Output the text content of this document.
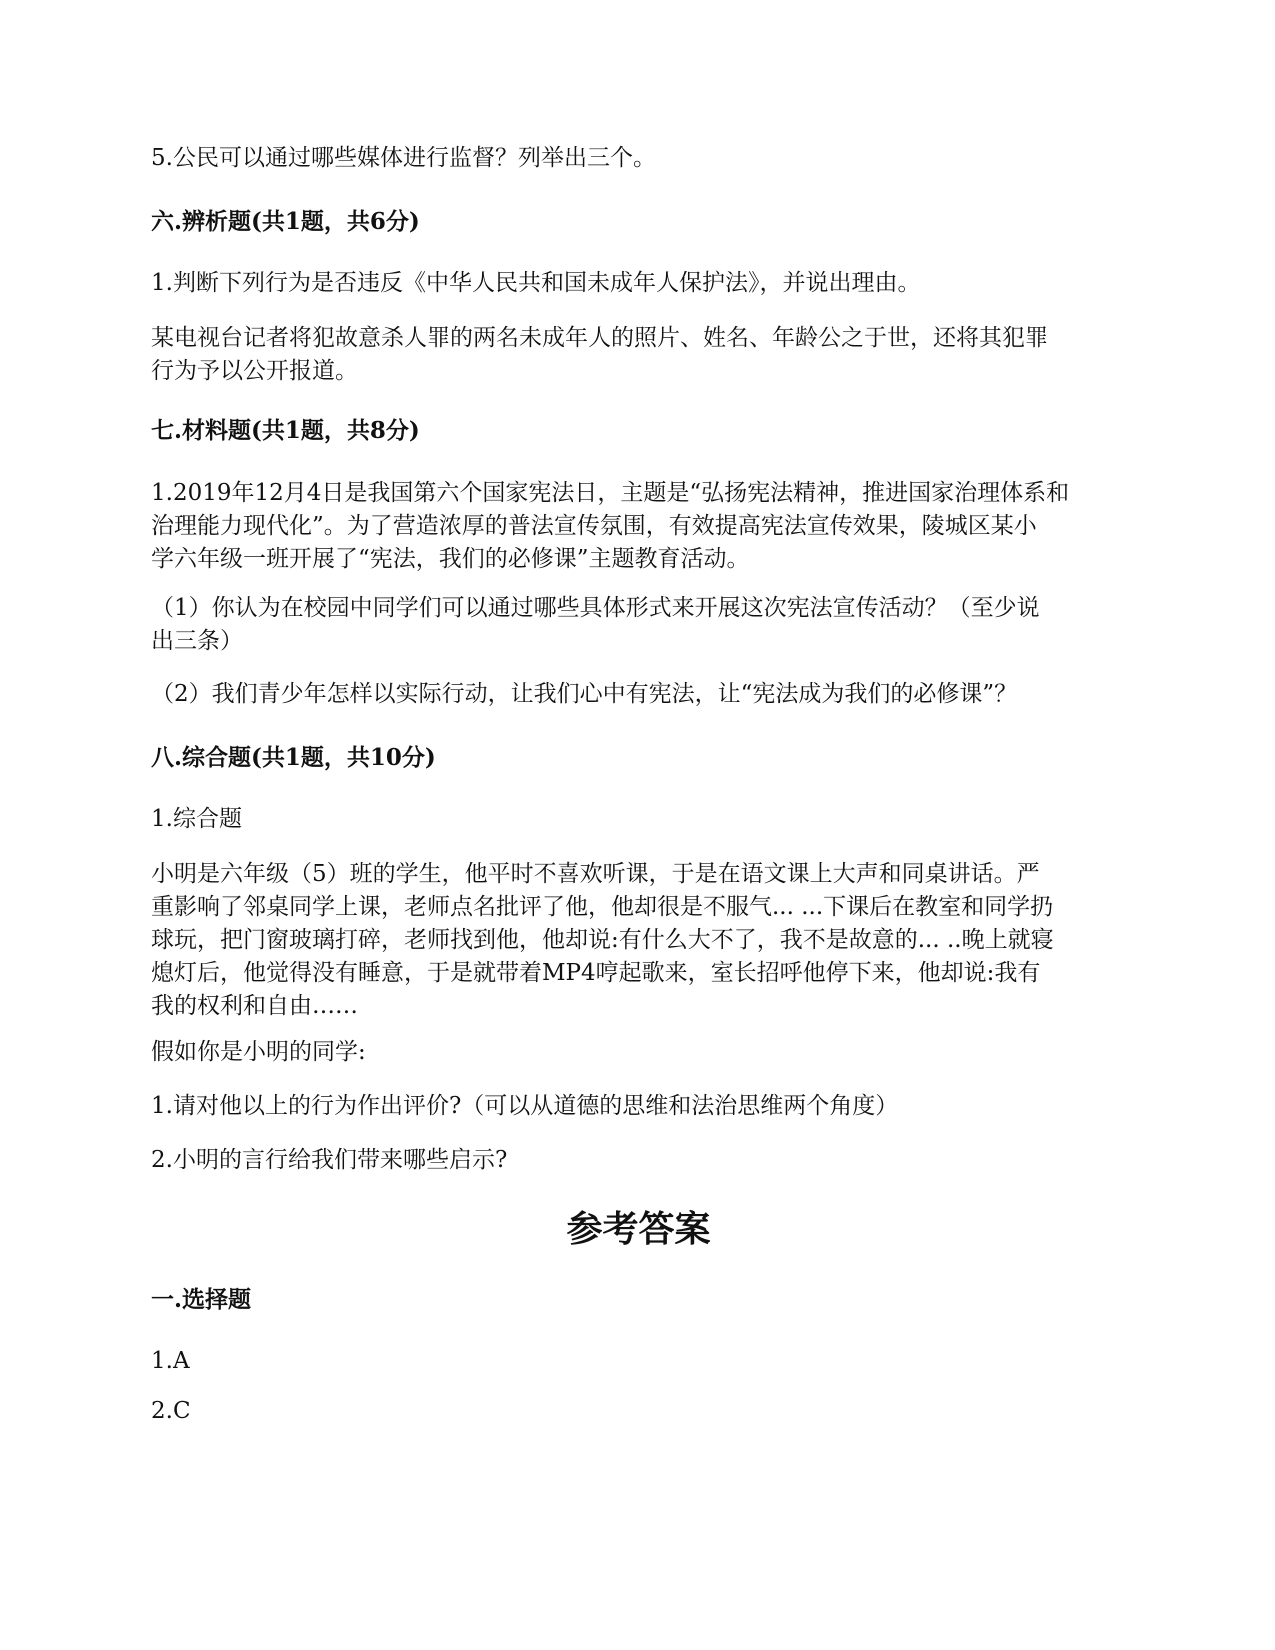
5.公民可以通过哪些媒体进行监督？列举出三个。
六.辨析题(共1题，共6分)
1.判断下列行为是否违反《中华人民共和国未成年人保护法》，并说出理由。
某电视台记者将犯故意杀人罪的两名未成年人的照片、姓名、年龄公之于世，还将其犯罪
行为予以公开报道。
七.材料题(共1题，共8分)
1.2019年12月4日是我国第六个国家宪法日，主题是“弘扬宪法精神，推进国家治理体系和
治理能力现代化”。为了营造浓厚的普法宣传氛围，有效提高宪法宣传效果，陵城区某小
学六年级一班开展了“宪法，我们的必修课”主题教育活动。
（1）你认为在校园中同学们可以通过哪些具体形式来开展这次宪法宣传活动？（至少说
出三条）
（2）我们青少年怎样以实际行动，让我们心中有宪法，让“宪法成为我们的必修课”？
八.综合题(共1题，共10分)
1.综合题
小明是六年级（5）班的学生，他平时不喜欢听课，于是在语文课上大声和同桌讲话。严
重影响了邻桌同学上课，老师点名批评了他，他却很是不服气... ...下课后在教室和同学扔
球玩，把门窗玻璃打碎，老师找到他，他却说:有什么大不了，我不是故意的... ..晚上就寝
熄灯后，他觉得没有睡意，于是就带着MP4哼起歌来，室长招呼他停下来，他却说:我有
我的权利和自由……
假如你是小明的同学:
1.请对他以上的行为作出评价?（可以从道德的思维和法治思维两个角度）
2.小明的言行给我们带来哪些启示?
参考答案
一.选择题
1.A
2.C
